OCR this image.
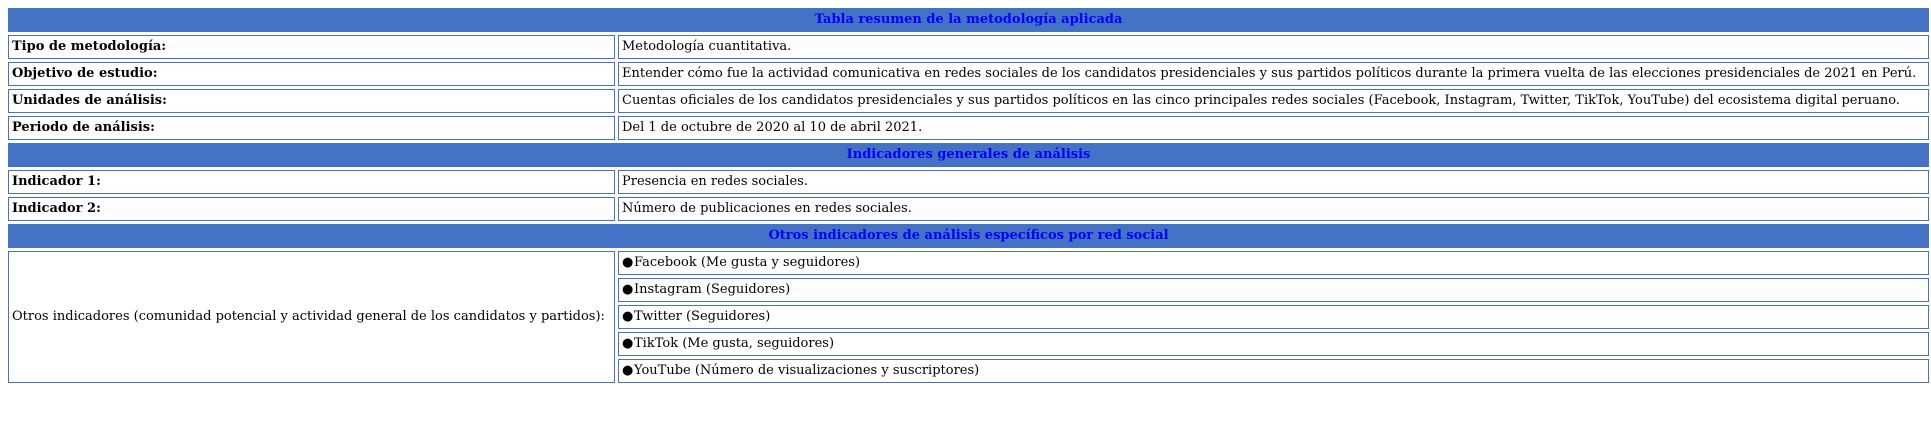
Tabla resumen de la metodología aplicada	
Tipo de metodología:	Metodología cuantitativa.
Objetivo de estudio:	Entender cómo fue la actividad comunicativa en redes sociales de los candidatos presidenciales y sus partidos políticos durante la primera vuelta de las elecciones presidenciales de 2021 en Perú.
Unidades de análisis:	Cuentas oficiales de los candidatos presidenciales y sus partidos políticos en las cinco principales redes sociales (Facebook, Instagram, Twitter, TikTok, YouTube) del ecosistema digital peruano.
Periodo de análisis:	Del 1 de octubre de 2020 al 10 de abril 2021.
Indicadores generales de análisis	
Indicador 1:	Presencia en redes sociales.
Indicador 2:	Número de publicaciones en redes sociales.
Otros indicadores de análisis específicos por red social	
Otros indicadores (comunidad potencial y actividad general de los candidatos y partidos):	●Facebook (Me gusta y seguidores)
	●Instagram (Seguidores)
	●Twitter (Seguidores)
	●TikTok (Me gusta, seguidores)
	●YouTube (Número de visualizaciones y suscriptores)
